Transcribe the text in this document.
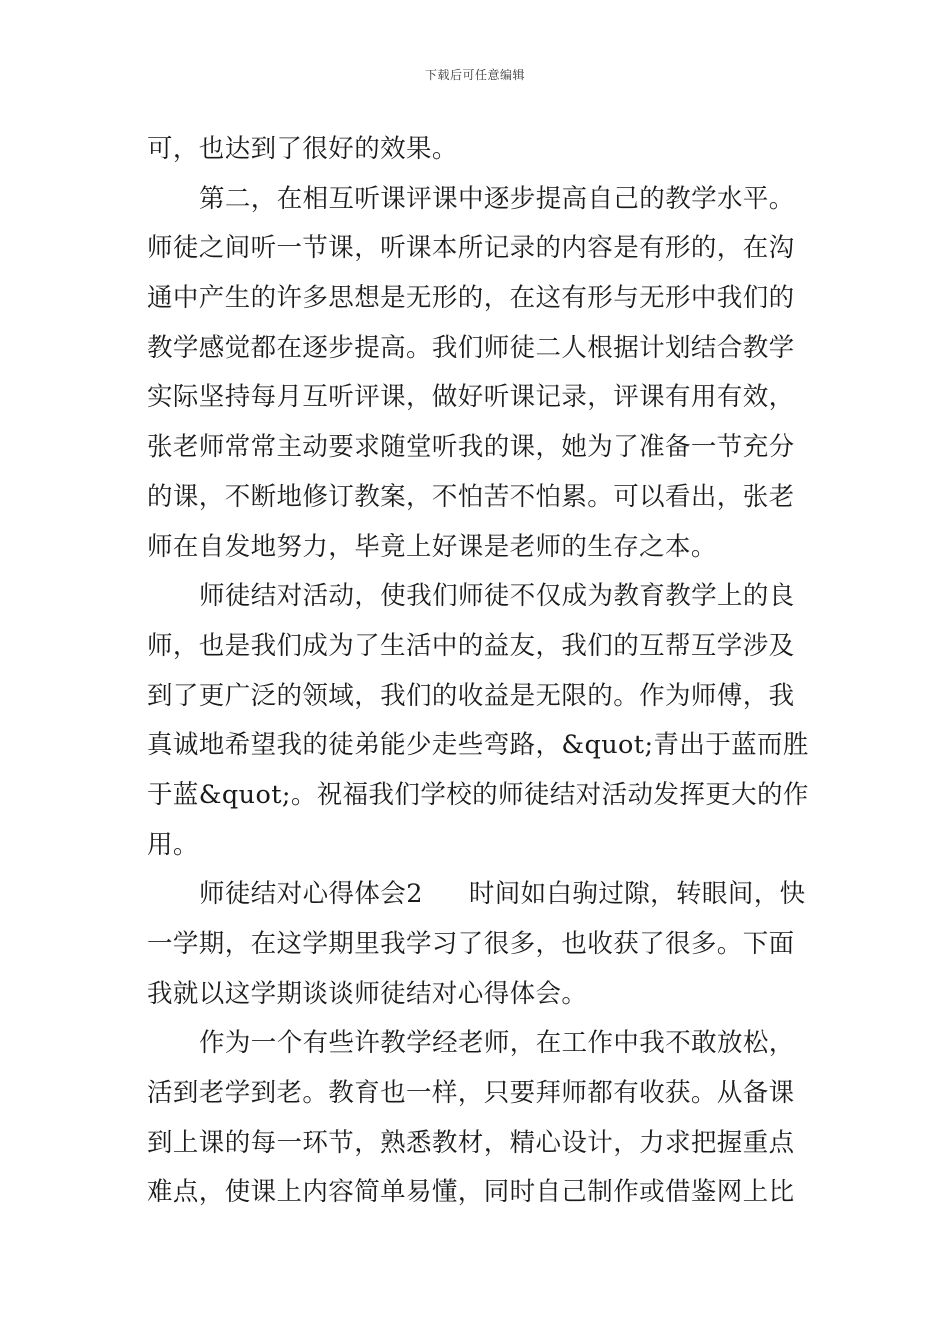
下载后可任意编辑
可，也达到了很好的效果。
第二，在相互听课评课中逐步提高自己的教学水平。
师徒之间听一节课，听课本所记录的内容是有形的，在沟
通中产生的许多思想是无形的，在这有形与无形中我们的
教学感觉都在逐步提高。我们师徒二人根据计划结合教学
实际坚持每月互听评课，做好听课记录，评课有用有效，
张老师常常主动要求随堂听我的课，她为了准备一节充分
的课，不断地修订教案，不怕苦不怕累。可以看出，张老
师在自发地努力，毕竟上好课是老师的生存之本。
师徒结对活动，使我们师徒不仅成为教育教学上的良
师，也是我们成为了生活中的益友，我们的互帮互学涉及
到了更广泛的领域，我们的收益是无限的。作为师傅，我
真诚地希望我的徒弟能少走些弯路，&quot;青出于蓝而胜
于蓝&quot;。祝福我们学校的师徒结对活动发挥更大的作
用。
师徒结对心得体会2 时间如白驹过隙，转眼间，快
一学期，在这学期里我学习了很多，也收获了很多。下面
我就以这学期谈谈师徒结对心得体会。
作为一个有些许教学经老师，在工作中我不敢放松，
活到老学到老。教育也一样，只要拜师都有收获。从备课
到上课的每一环节，熟悉教材，精心设计，力求把握重点
难点，使课上内容简单易懂，同时自己制作或借鉴网上比
